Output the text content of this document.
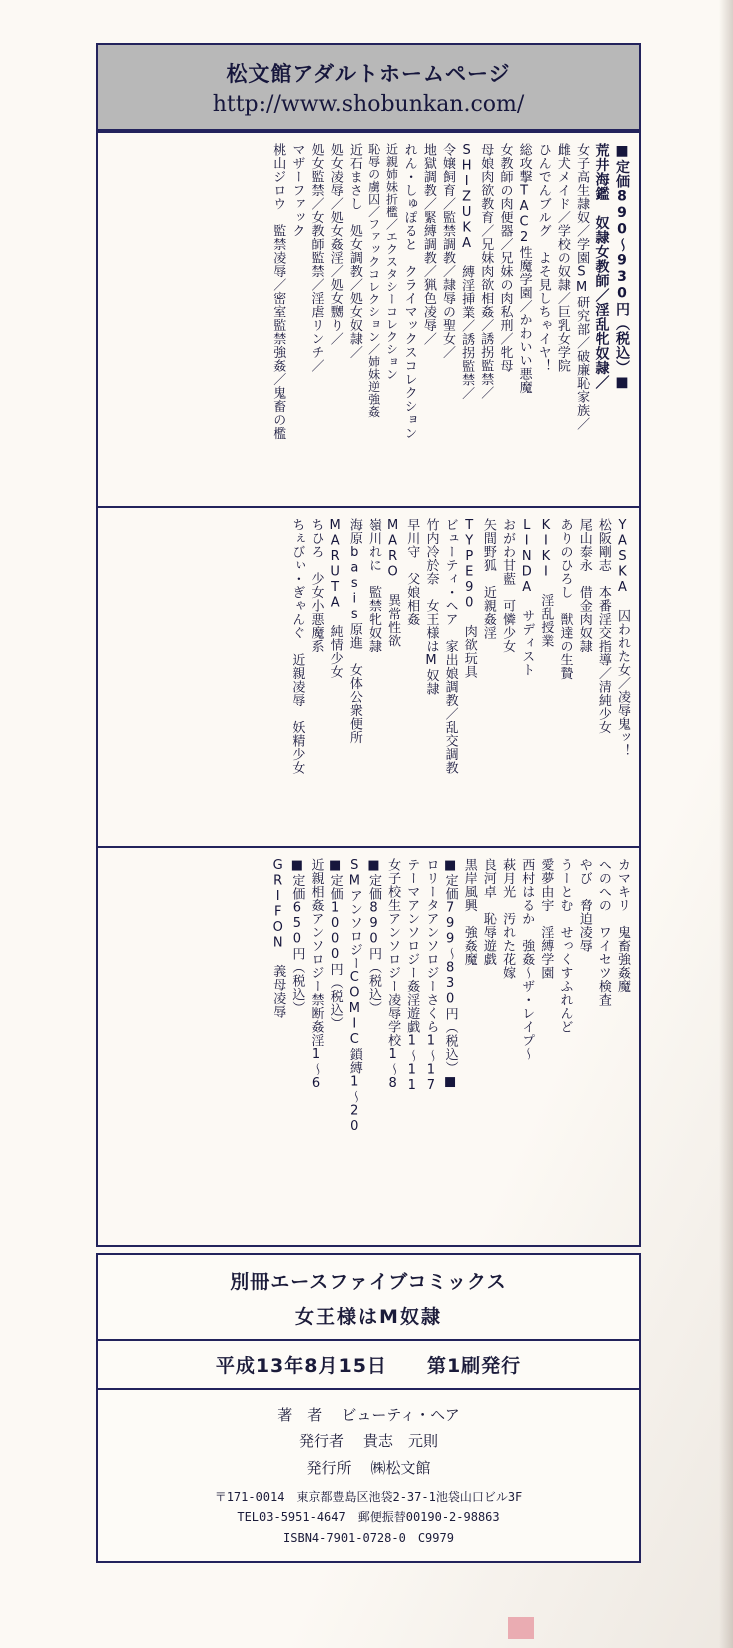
松文館アダルトホームページ
http://www.shobunkan.com/
■定価890〜930円（税込）■
荒井海鑑　奴隷女教師／淫乱牝奴隷／
女子高生隷奴／学園SM研究部／破廉恥家族／
雌犬メイド／学校の奴隷／巨乳女学院
ひんでんブルグ　よそ見しちゃイヤ！
総攻撃TAC2性魔学園／かわいい悪魔
女教師の肉便器／兄妹の肉私刑／牝母
母娘肉欲教育／兄妹肉欲相姦／誘拐監禁／
SHIZUKA　縛淫挿業／誘拐監禁／
令嬢飼育／監禁調教／隷辱の聖女／
地獄調教／緊縛調教／猟色凌辱／
れん・しゅぽると　クライマックスコレクション
近親姉妹折檻／エクスタシーコレクション
恥辱の虜囚／ファックコレクション／姉妹逆強姦
近石まさし　処女調教／処女奴隷／
処女凌辱／処女姦淫／処女嬲り／
処女監禁／女教師監禁／淫虐リンチ／
マザーファック
桃山ジロウ　監禁凌辱／密室監禁強姦／鬼畜の檻
YASKA　囚われた女／凌辱鬼ッ！
松阪剛志　本番淫交指導／清純少女
尾山泰永　借金肉奴隷
ありのひろし　獣達の生贄
KIKI　淫乱授業
LINDA　サディスト
おがわ甘藍　可憐少女
矢間野狐　近親姦淫
TYPE90　肉欲玩具
ビューティ・ヘア　家出娘調教／乱交調教
竹内冷於奈　女王様はM奴隷
早川守　父娘相姦
MARO　異常性欲
嶺川れに　監禁牝奴隷
海原basis原進　女体公衆便所
MARUTA　純情少女
ちひろ　少女小悪魔系
ちぇびぃ・ぎゃんぐ　近親凌辱　妖精少女
カマキリ　鬼畜強姦魔
へのへの　ワイセツ検査
やび　脅迫凌辱
うーとむ　せっくすふれんど
愛夢由宇　淫縛学園
西村はるか　強姦〜ザ・レイプ〜
萩月光　汚れた花嫁
良河卓　恥辱遊戯
黒岸風興　強姦魔
■定価799〜830円（税込）■
ロリータアンソロジーさくら1〜17
テーマアンソロジー姦淫遊戯1〜11
女子校生アンソロジー凌辱学校1〜8
■定価890円（税込）
SMアンソロジーCOMIC鎖縛1〜20
■定価1000円（税込）
近親相姦アンソロジー禁断姦淫1〜6
■定価650円（税込）
GRIFON　義母凌辱
別冊エースファイブコミックス
女王様はM奴隷
平成13年8月15日 第1刷発行
著　者 ビューティ・ヘア
発行者 貴志　元則
発行所 ㈱松文館
〒171-0014　東京都豊島区池袋2-37-1池袋山口ビル3F
TEL03-5951-4647　郵便振替00190-2-98863
ISBN4-7901-0728-0　C9979
